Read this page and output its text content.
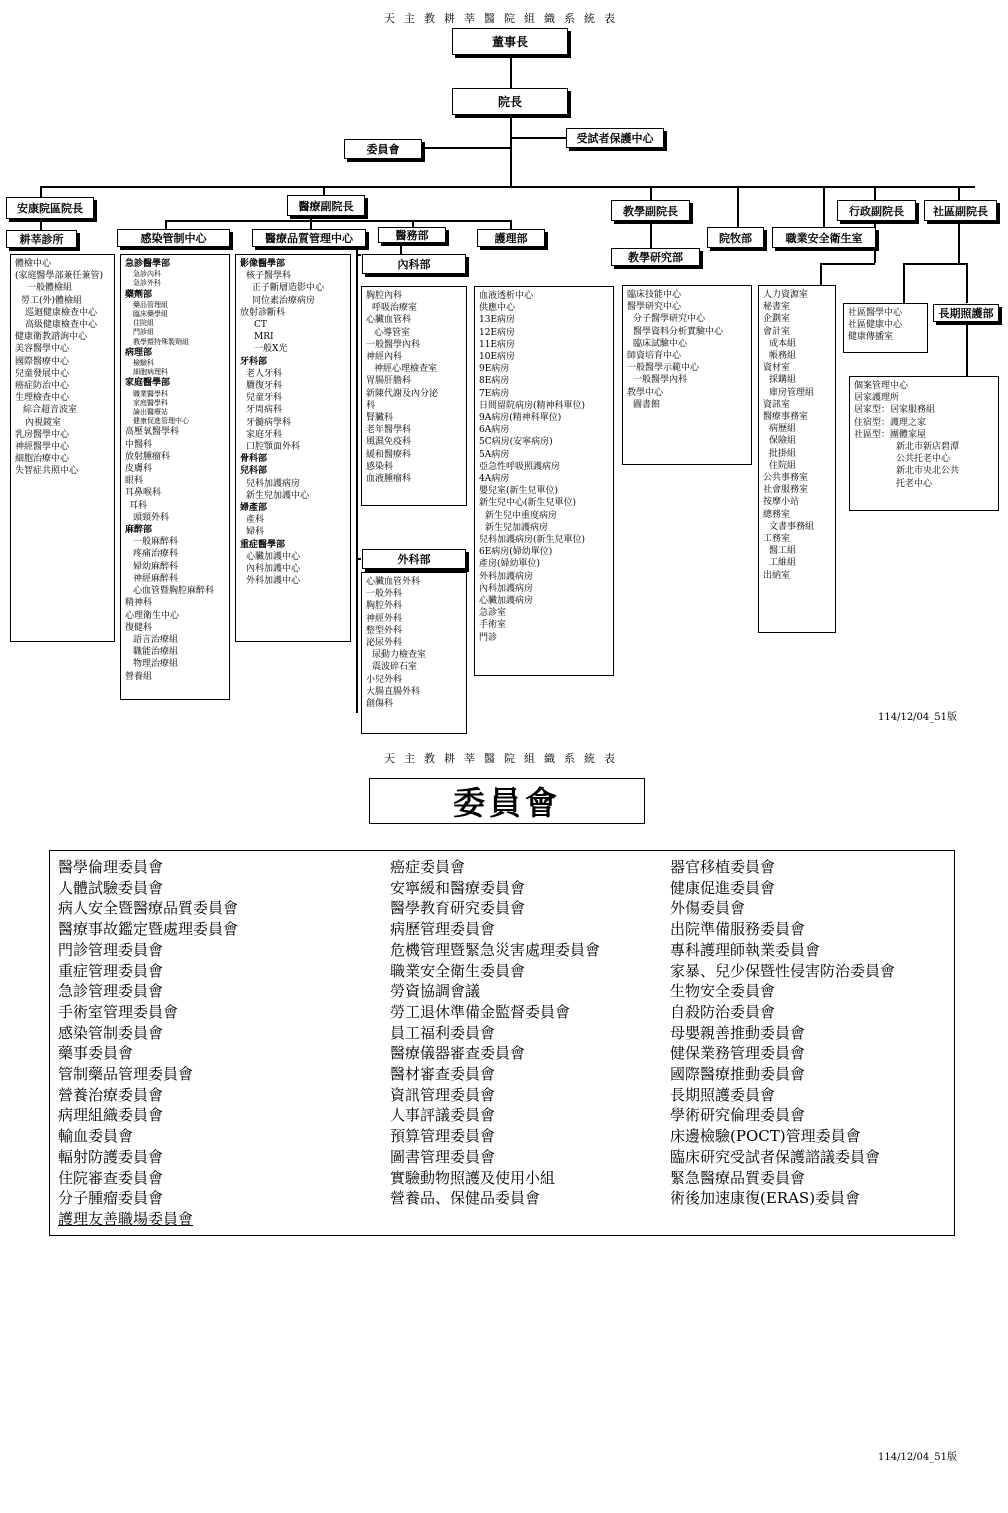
天主教耕莘醫院組織系統表
董事長
院長
委員會
受試者保護中心
安康院區院長	醫療副院長	教學副院長
院牧部	職業安全衛生室
行政副院長	社區副院長
耕莘診所	感染管制中心	醫療品質管理中心	醫務部	護理部
內科部
外科部
教學研究部
長期照護部
體檢中心
(家庭醫學部兼任兼管)
一般體檢組
勞工(外)體檢組
巡迴健康檢查中心
高級健康檢查中心
健康衛教諮詢中心
美容醫學中心
國際醫療中心
兒童發展中心
癌症防治中心
生理檢查中心
綜合超音波室
內視鏡室
乳房醫學中心
神經醫學中心
細胞治療中心
失智症共照中心
急診醫學部
急診內科
急診外科
藥劑部
藥品管理組
臨床藥學組
住院組
門診組
教學暨特殊製劑組
病理部
檢驗科
細胞病理科
家庭醫學部
職業醫學科
家庭醫學科
論出醫療站
健康促進管理中心
高壓氧醫學科
中醫科
放射腫瘤科
皮膚科
眼科
耳鼻喉科
耳科
頭頸外科
麻醉部
一般麻醉科
疼痛治療科
婦幼麻醉科
神經麻醉科
心血管暨胸腔麻醉科
精神科
心理衛生中心
復健科
語言治療組
職能治療組
物理治療組
營養組
影像醫學部
核子醫學科
正子斷層造影中心
同位素治療病房
放射診斷科
CT
MRI
一般X光
牙科部
老人牙科
贗復牙科
兒童牙科
牙周病科
牙髓病學科
家庭牙科
口腔顎面外科
骨科部
兒科部
兒科加護病房
新生兒加護中心
婦產部
產科
婦科
重症醫學部
心臟加護中心
內科加護中心
外科加護中心
胸腔內科
呼吸治療室
心臟血管科
心導管室
一般醫學內科
神經內科
神經心理檢查室
胃腸肝膽科
新陳代謝及內分泌
科
腎臟科
老年醫學科
風濕免疫科
緩和醫療科
感染科
血液腫瘤科
心臟血管外科
一般外科
胸腔外科
神經外科
整型外科
泌尿外科
尿動力檢查室
震波碎石室
小兒外科
大腸直腸外科
創傷科
血液透析中心
供應中心
13E病房
12E病房
11E病房
10E病房
9E病房
8E病房
7E病房
日間留院病房(精神科單位)
9A病房(精神科單位)
6A病房
5C病房(安寧病房)
5A病房
亞急性呼吸照護病房
4A病房
嬰兒室(新生兒單位)
新生兒中心(新生兒單位)
新生兒中重度病房
新生兒加護病房
兒科加護病房(新生兒單位)
6E病房(婦幼單位)
產房(婦幼單位)
外科加護病房
內科加護病房
心臟加護病房
急診室
手術室
門診
臨床技能中心
醫學研究中心
分子醫學研究中心
醫學資料分析實驗中心
臨床試驗中心
師資培育中心
一般醫學示範中心
一般醫學內科
教學中心
圖書館
人力資源室
秘書室
企劃室
會計室
成本組
帳務組
資材室
採購組
庫房管理組
資訊室
醫療事務室
病歷組
保險組
批掛組
住院組
公共事務室
社會服務室
按摩小站
總務室
文書事務組
工務室
醫工組
工維組
出納室
社區醫學中心
社區健康中心
健康傳播室
個案管理中心
居家護理所
居家型：居家服務組
住宿型：護理之家
社區型：團體家屋
新北市新店碧潭
公共托老中心
新北市央北公共
托老中心
114/12/04_51版
天主教耕莘醫院組織系統表
委員會
醫學倫理委員會
人體試驗委員會
病人安全暨醫療品質委員會
醫療事故鑑定暨處理委員會
門診管理委員會
重症管理委員會
急診管理委員會
手術室管理委員會
感染管制委員會
藥事委員會
管制藥品管理委員會
營養治療委員會
病理組織委員會
輸血委員會
輻射防護委員會
住院審查委員會
分子腫瘤委員會
護理友善職場委員會
癌症委員會
安寧緩和醫療委員會
醫學教育研究委員會
病歷管理委員會
危機管理暨緊急災害處理委員會
職業安全衛生委員會
勞資協調會議
勞工退休準備金監督委員會
員工福利委員會
醫療儀器審查委員會
醫材審查委員會
資訊管理委員會
人事評議委員會
預算管理委員會
圖書管理委員會
實驗動物照護及使用小組
營養品、保健品委員會
器官移植委員會
健康促進委員會
外傷委員會
出院準備服務委員會
專科護理師執業委員會
家暴、兒少保暨性侵害防治委員會
生物安全委員會
自殺防治委員會
母嬰親善推動委員會
健保業務管理委員會
國際醫療推動委員會
長期照護委員會
學術研究倫理委員會
床邊檢驗(POCT)管理委員會
臨床研究受試者保護諮議委員會
緊急醫療品質委員會
術後加速康復(ERAS)委員會
114/12/04_51版
